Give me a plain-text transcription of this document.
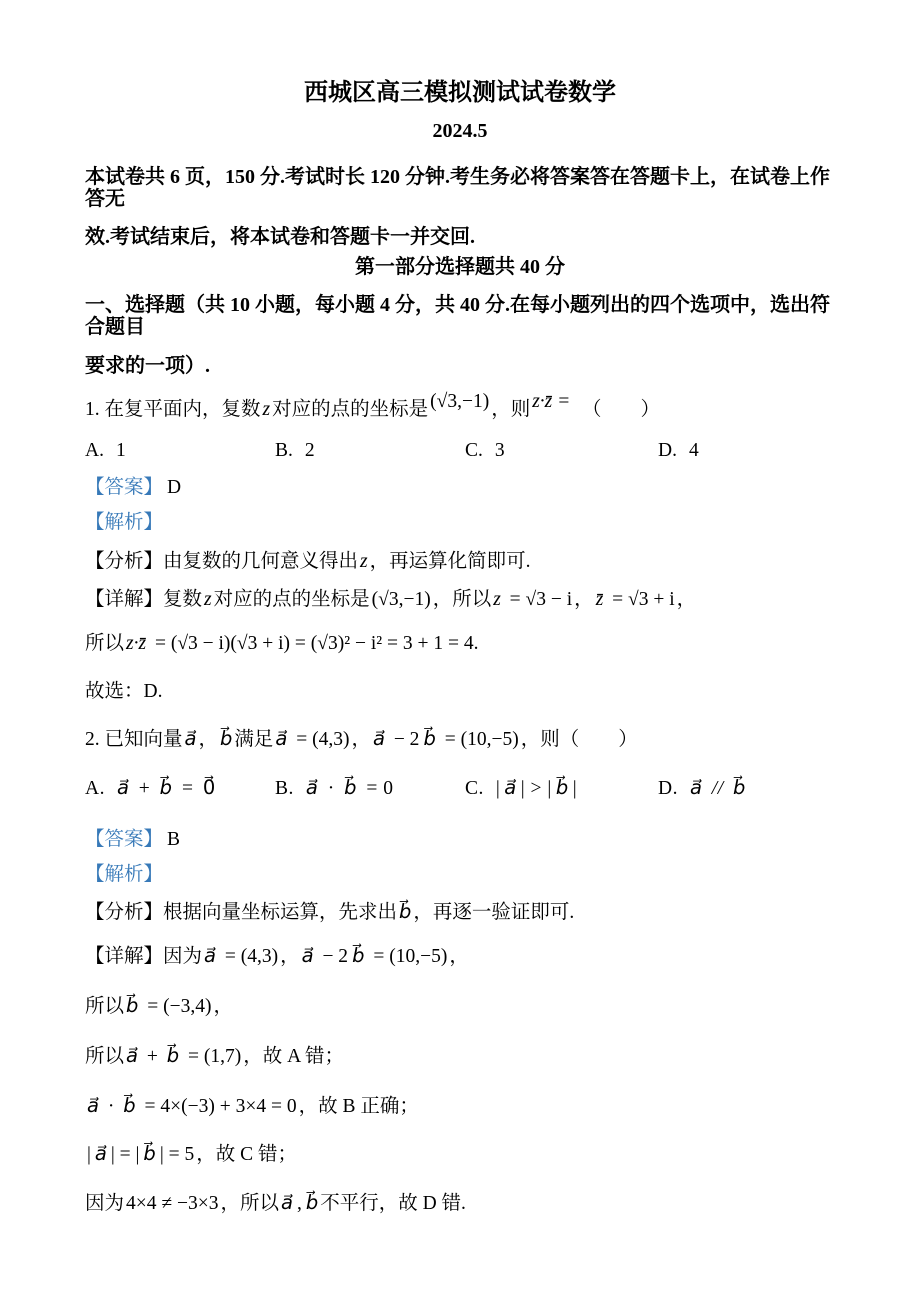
西城区高三模拟测试试卷数学
2024.5
本试卷共 6 页，150 分.考试时长 120 分钟.考生务必将答案答在答题卡上，在试卷上作答无
效.考试结束后，将本试卷和答题卡一并交回.
第一部分选择题共 40 分
一、选择题（共 10 小题，每小题 4 分，共 40 分.在每小题列出的四个选项中，选出符合题目
要求的一项）.
1. 在复平面内，复数 z 对应的点的坐标是 (√3,−1) ，则 z·z̄ =　（　　）
A. 1	B. 2	C. 3	D. 4
【答案】 D
【解析】
【分析】由复数的几何意义得出 z ，再运算化简即可.
【详解】复数 z 对应的点的坐标是 (√3,−1) ，所以 z = √3 − i ， z̄ = √3 + i ，
所以 z·z̄ = (√3 − i)(√3 + i) = (√3)² − i² = 3 + 1 = 4.
故选：D.
2. 已知向量 a⃗ ， b⃗ 满足 a⃗ = (4,3) ， a⃗ − 2 b⃗ = (10,−5) ，则（　　）
A. a⃗ + b⃗ = 0⃗	B. a⃗ · b⃗ = 0	C. | a⃗ | > | b⃗ |	D. a⃗ // b⃗
【答案】 B
【解析】
【分析】根据向量坐标运算，先求出 b⃗ ，再逐一验证即可.
【详解】因为 a⃗ = (4,3) ， a⃗ − 2 b⃗ = (10,−5) ，
所以 b⃗ = (−3,4) ，
所以 a⃗ + b⃗ = (1,7) ，故 A 错；
a⃗ · b⃗ = 4×(−3) + 3×4 = 0 ，故 B 正确；
| a⃗ | = | b⃗ | = 5 ，故 C 错；
因为 4×4 ≠ −3×3 ，所以 a⃗ , b⃗ 不平行，故 D 错.
